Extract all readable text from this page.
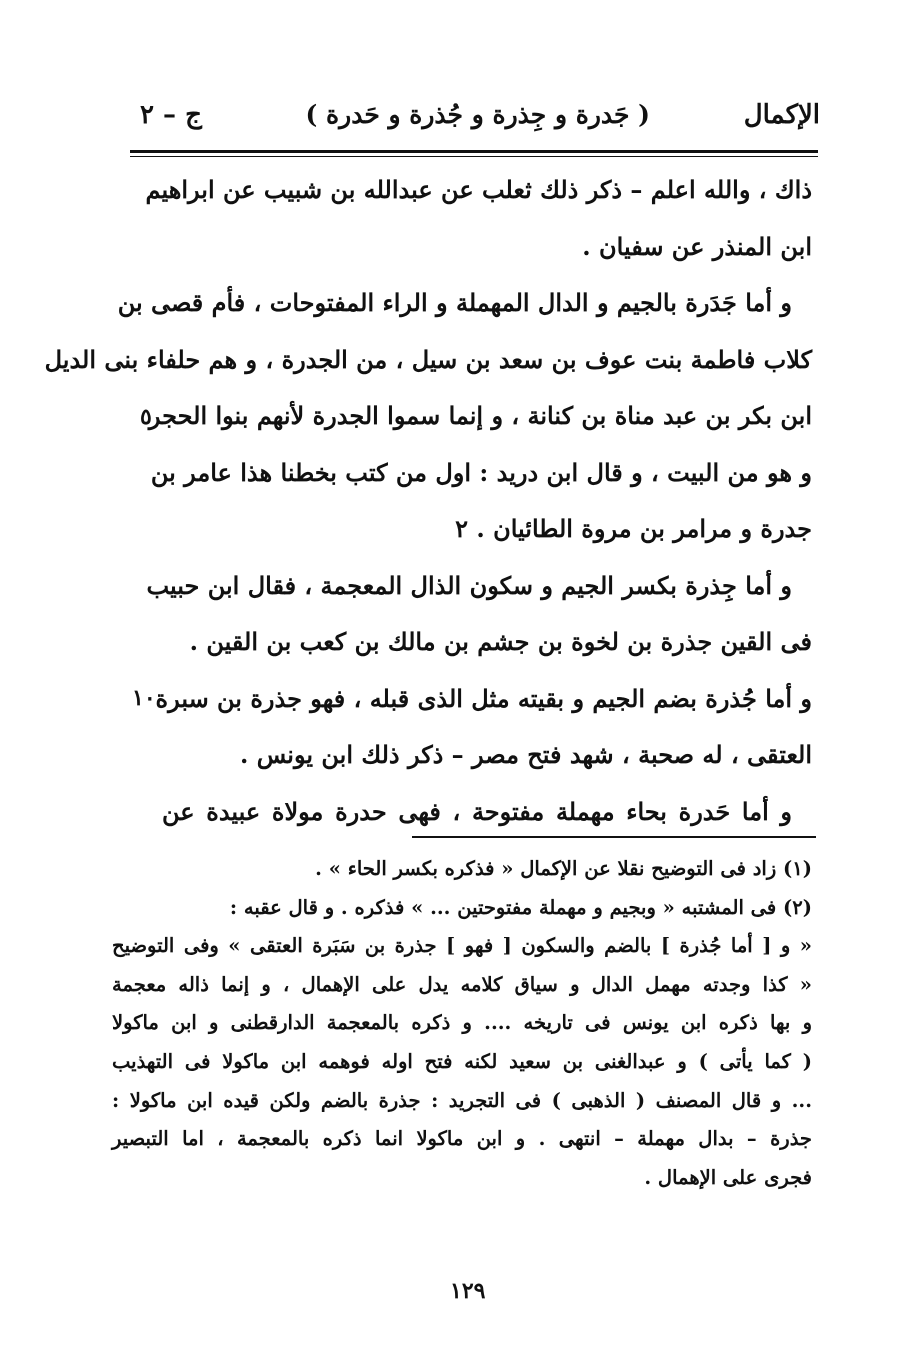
الإكمال
( جَدرة و جِذرة و جُذرة و حَدرة )
ج – ٢
ذاك ، والله اعلم – ذكر ذلك ثعلب عن عبدالله بن شبيب عن ابراهيم
ابن المنذر عن سفيان .
و أما جَدَرة بالجيم و الدال المهملة و الراء المفتوحات ، فأم قصى بن
كلاب فاطمة بنت عوف بن سعد بن سيل ، من الجدرة ، و هم حلفاء بنى الديل
ابن بكر بن عبد مناة بن كنانة ، و إنما سموا الجدرة لأنهم بنوا الحجر
و هو من البيت ، و قال ابن دريد : اول من كتب بخطنا هذا عامر بن
جدرة و مرامر بن مروة الطائيان . ٢
و أما جِذرة بكسر الجيم و سكون الذال المعجمة ، فقال ابن حبيب
فى القين جذرة بن لخوة بن جشم بن مالك بن كعب بن القين .
و أما جُذرة بضم الجيم و بقيته مثل الذى قبله ، فهو جذرة بن سبرة
العتقى ، له صحبة ، شهد فتح مصر – ذكر ذلك ابن يونس .
و أما حَدرة بحاء مهملة مفتوحة ، فهى حدرة مولاة عبيدة عن
٥
١٠
(١) زاد فى التوضيح نقلا عن الإكمال « فذكره بكسر الحاء » .
(٢) فى المشتبه « وبجيم و مهملة مفتوحتين ... » فذكره . و قال عقبه :
« و [ أما جُذرة ] بالضم والسكون [ فهو ] جذرة بن سَبَرة العتقى » وفى التوضيح
« كذا وجدته مهمل الدال و سياق كلامه يدل على الإهمال ، و إنما ذاله معجمة
و بها ذكره ابن يونس فى تاريخه .... و ذكره بالمعجمة الدارقطنى و ابن ماكولا
( كما يأتى ) و عبدالغنى بن سعيد لكنه فتح اوله فوهمه ابن ماكولا فى التهذيب
... و قال المصنف ( الذهبى ) فى التجريد : جذرة بالضم ولكن قيده ابن ماكولا :
جذرة – بدال مهملة – انتهى . و ابن ماكولا انما ذكره بالمعجمة ، اما التبصير
فجرى على الإهمال .
١٢٩
